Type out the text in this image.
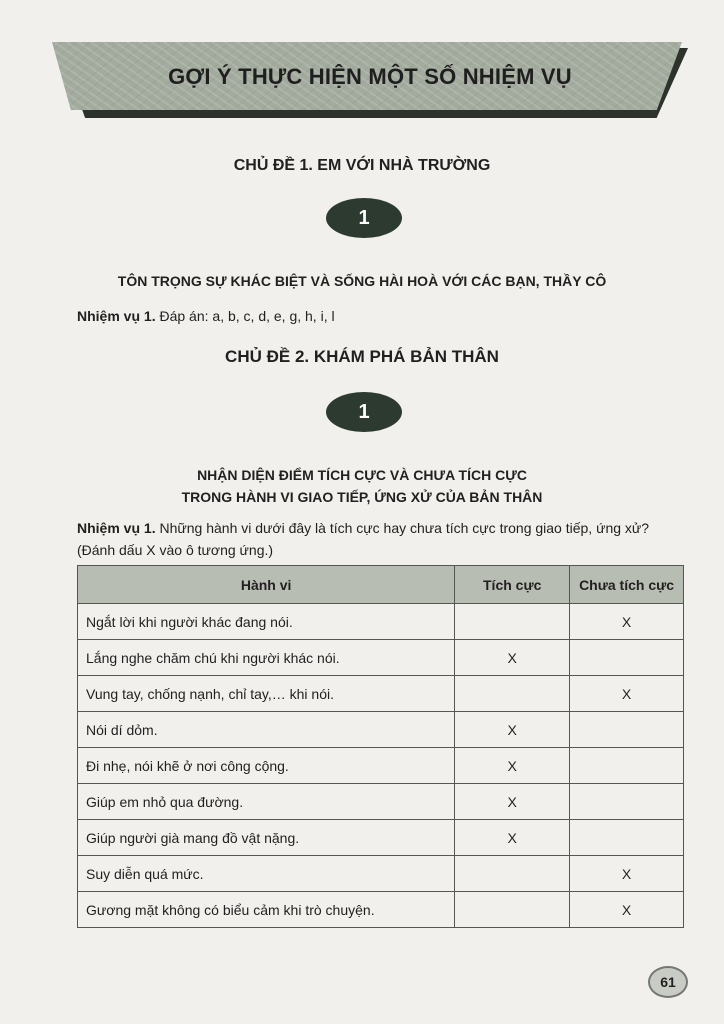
GỢI Ý THỰC HIỆN MỘT SỐ NHIỆM VỤ
CHỦ ĐỀ 1. EM VỚI NHÀ TRƯỜNG
1
TÔN TRỌNG SỰ KHÁC BIỆT VÀ SỐNG HÀI HOÀ VỚI CÁC BẠN, THẦY CÔ
Nhiệm vụ 1. Đáp án: a, b, c, d, e, g, h, i, l
CHỦ ĐỀ 2. KHÁM PHÁ BẢN THÂN
1
NHẬN DIỆN ĐIỂM TÍCH CỰC VÀ CHƯA TÍCH CỰC
TRONG HÀNH VI GIAO TIẾP, ỨNG XỬ CỦA BẢN THÂN
Nhiệm vụ 1. Những hành vi dưới đây là tích cực hay chưa tích cực trong giao tiếp, ứng xử? (Đánh dấu X vào ô tương ứng.)
Hành vi	Tích cực	Chưa tích cực
Ngắt lời khi người khác đang nói.		X
Lắng nghe chăm chú khi người khác nói.	X	
Vung tay, chống nạnh, chỉ tay,… khi nói.		X
Nói dí dỏm.	X	
Đi nhẹ, nói khẽ ở nơi công cộng.	X	
Giúp em nhỏ qua đường.	X	
Giúp người già mang đồ vật nặng.	X	
Suy diễn quá mức.		X
Gương mặt không có biểu cảm khi trò chuyện.		X
61
